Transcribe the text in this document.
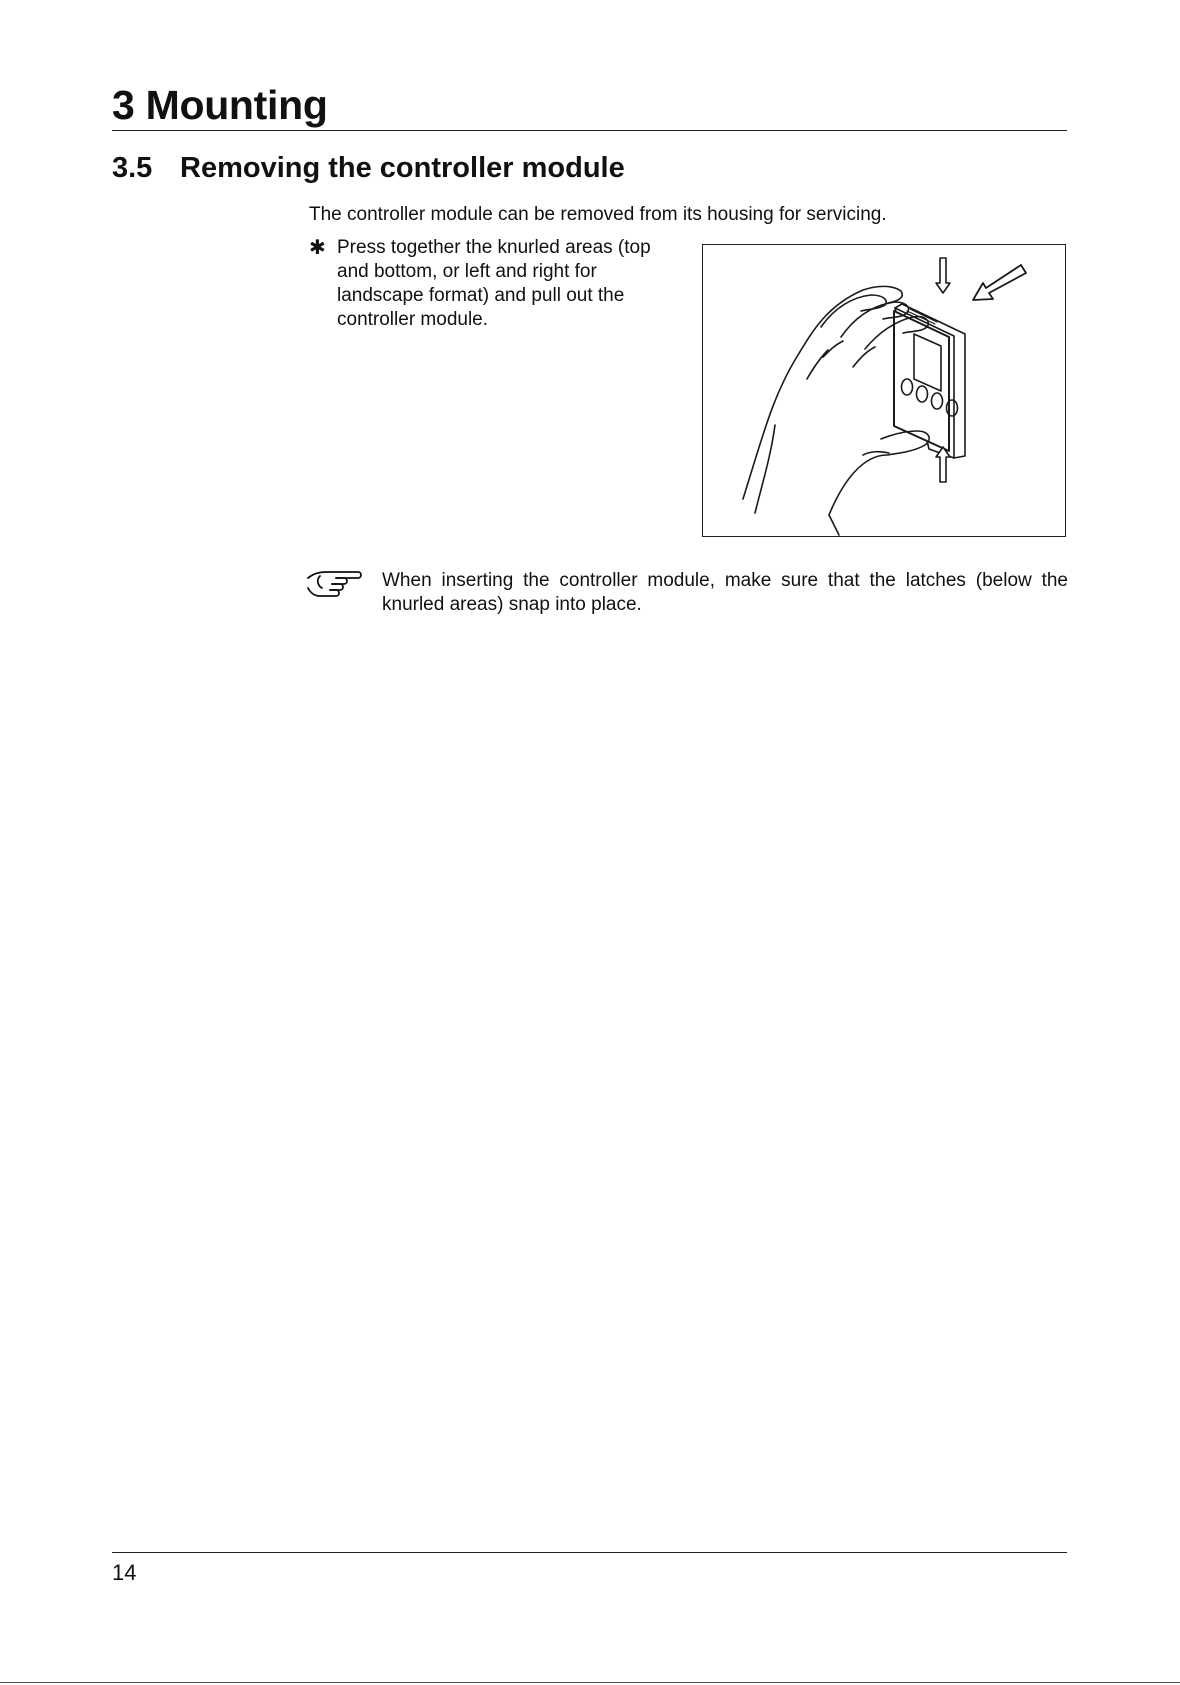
3 Mounting
3.5 Removing the controller module

The controller module can be removed from its housing for servicing.

✱ Press together the knurled areas (top and bottom, or left and right for landscape format) and pull out the controller module.

When inserting the controller module, make sure that the latches (below the knurled areas) snap into place.

14
